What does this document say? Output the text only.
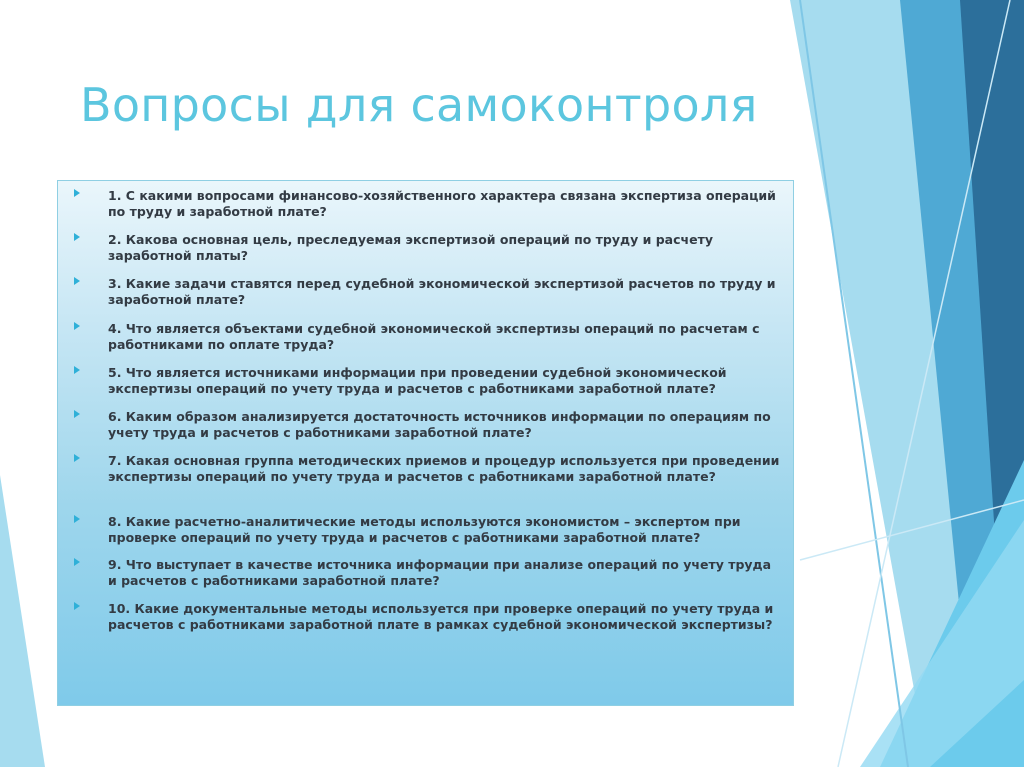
Вопросы для самоконтроля
1. С какими вопросами финансово-хозяйственного характера связана экспертиза операций по труду и заработной плате?
2. Какова основная цель, преследуемая экспертизой операций по труду и расчету заработной платы?
3. Какие задачи ставятся перед судебной экономической экспертизой расчетов по труду и заработной плате?
4. Что является объектами судебной экономической экспертизы операций по расчетам с работниками по оплате труда?
5. Что является источниками информации при проведении судебной экономической экспертизы операций по учету труда и расчетов с работниками заработной плате?
6. Каким образом анализируется достаточность источников информации по операциям по учету труда и расчетов с работниками заработной плате?
7. Какая основная группа методических приемов и процедур используется при проведении экспертизы операций по учету труда и расчетов с работниками заработной плате?
8. Какие расчетно-аналитические методы используются экономистом – экспертом при проверке операций по учету труда и расчетов с работниками заработной плате?
9. Что выступает в качестве источника информации при анализе операций по учету труда и расчетов с работниками заработной плате?
10. Какие документальные методы используется при проверке операций по учету труда и расчетов с работниками заработной плате в рамках судебной экономической экспертизы?
